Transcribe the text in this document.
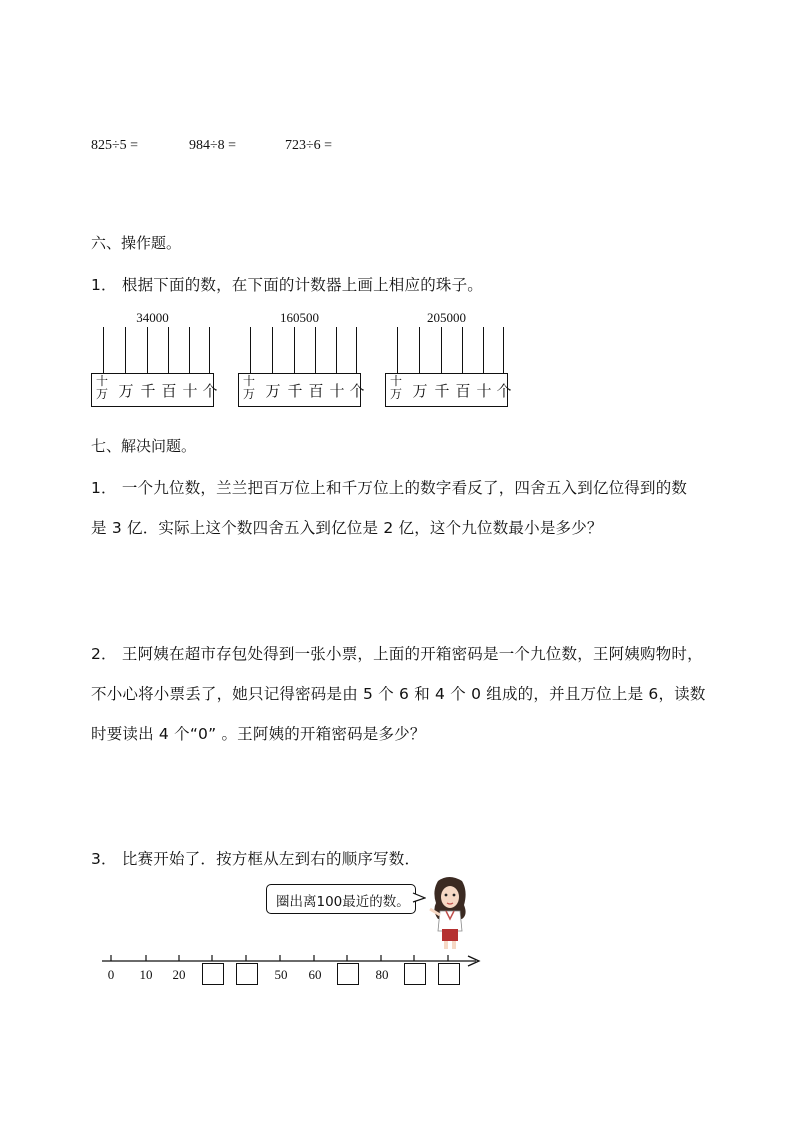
825÷5 =	984÷8 =	723÷6 =
六、操作题。
1． 根据下面的数，在下面的计数器上画上相应的珠子。
34000
十
万 万 千 百 十 个
160500
十
万 万 千 百 十 个
205000
十
万 万 千 百 十 个
七、解决问题。
1． 一个九位数，兰兰把百万位上和千万位上的数字看反了，四舍五入到亿位得到的数
是 3 亿．实际上这个数四舍五入到亿位是 2 亿，这个九位数最小是多少？
2． 王阿姨在超市存包处得到一张小票，上面的开箱密码是一个九位数，王阿姨购物时，
不小心将小票丢了，她只记得密码是由 5 个 6 和 4 个 0 组成的，并且万位上是 6，读数
时要读出 4 个“0” 。王阿姨的开箱密码是多少？
3． 比赛开始了．按方框从左到右的顺序写数．
圈出离100最近的数。
0 10 20	50 60	80
